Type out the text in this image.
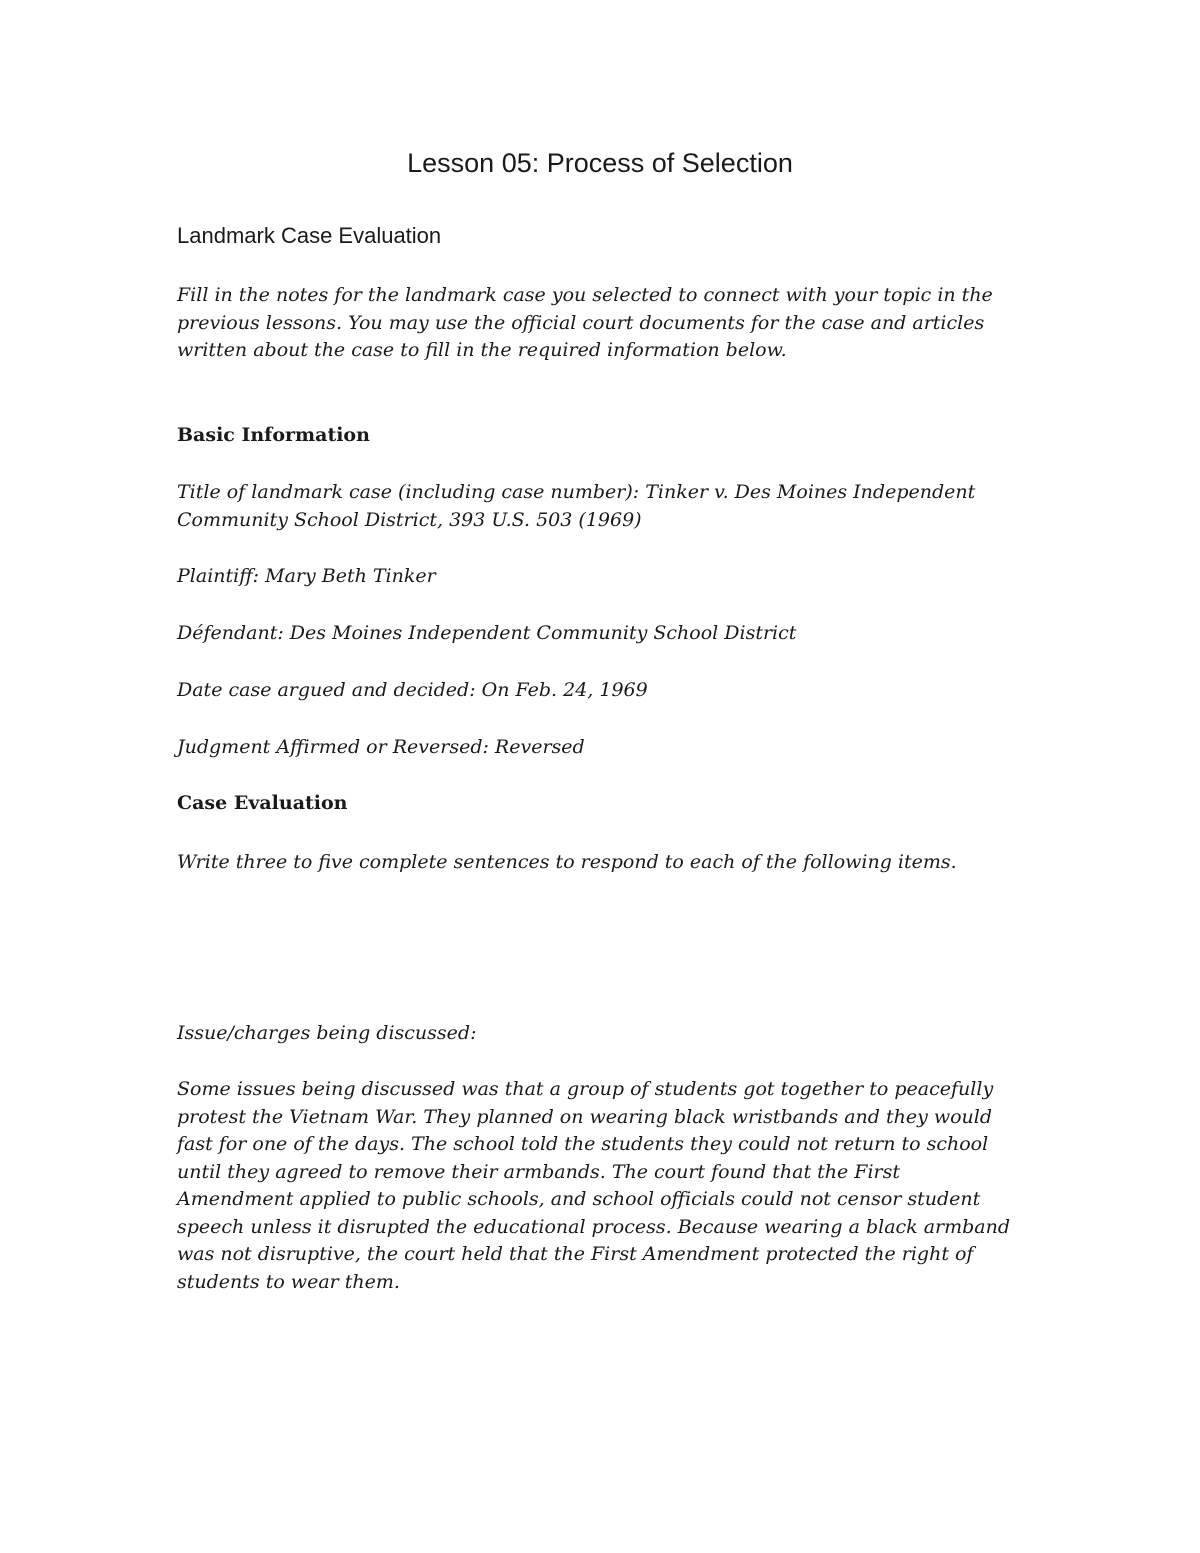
Lesson 05: Process of Selection
Landmark Case Evaluation

Fill in the notes for the landmark case you selected to connect with your topic in the previous lessons. You may use the official court documents for the case and articles written about the case to fill in the required information below.

Basic Information

Title of landmark case (including case number): Tinker v. Des Moines Independent Community School District, 393 U.S. 503 (1969)

Plaintiff: Mary Beth Tinker

Défendant: Des Moines Independent Community School District

Date case argued and decided: On Feb. 24, 1969

Judgment Affirmed or Reversed: Reversed

Case Evaluation

Write three to five complete sentences to respond to each of the following items.

Issue/charges being discussed:

Some issues being discussed was that a group of students got together to peacefully protest the Vietnam War. They planned on wearing black wristbands and they would fast for one of the days. The school told the students they could not return to school until they agreed to remove their armbands. The court found that the First Amendment applied to public schools, and school officials could not censor student speech unless it disrupted the educational process. Because wearing a black armband was not disruptive, the court held that the First Amendment protected the right of students to wear them.
